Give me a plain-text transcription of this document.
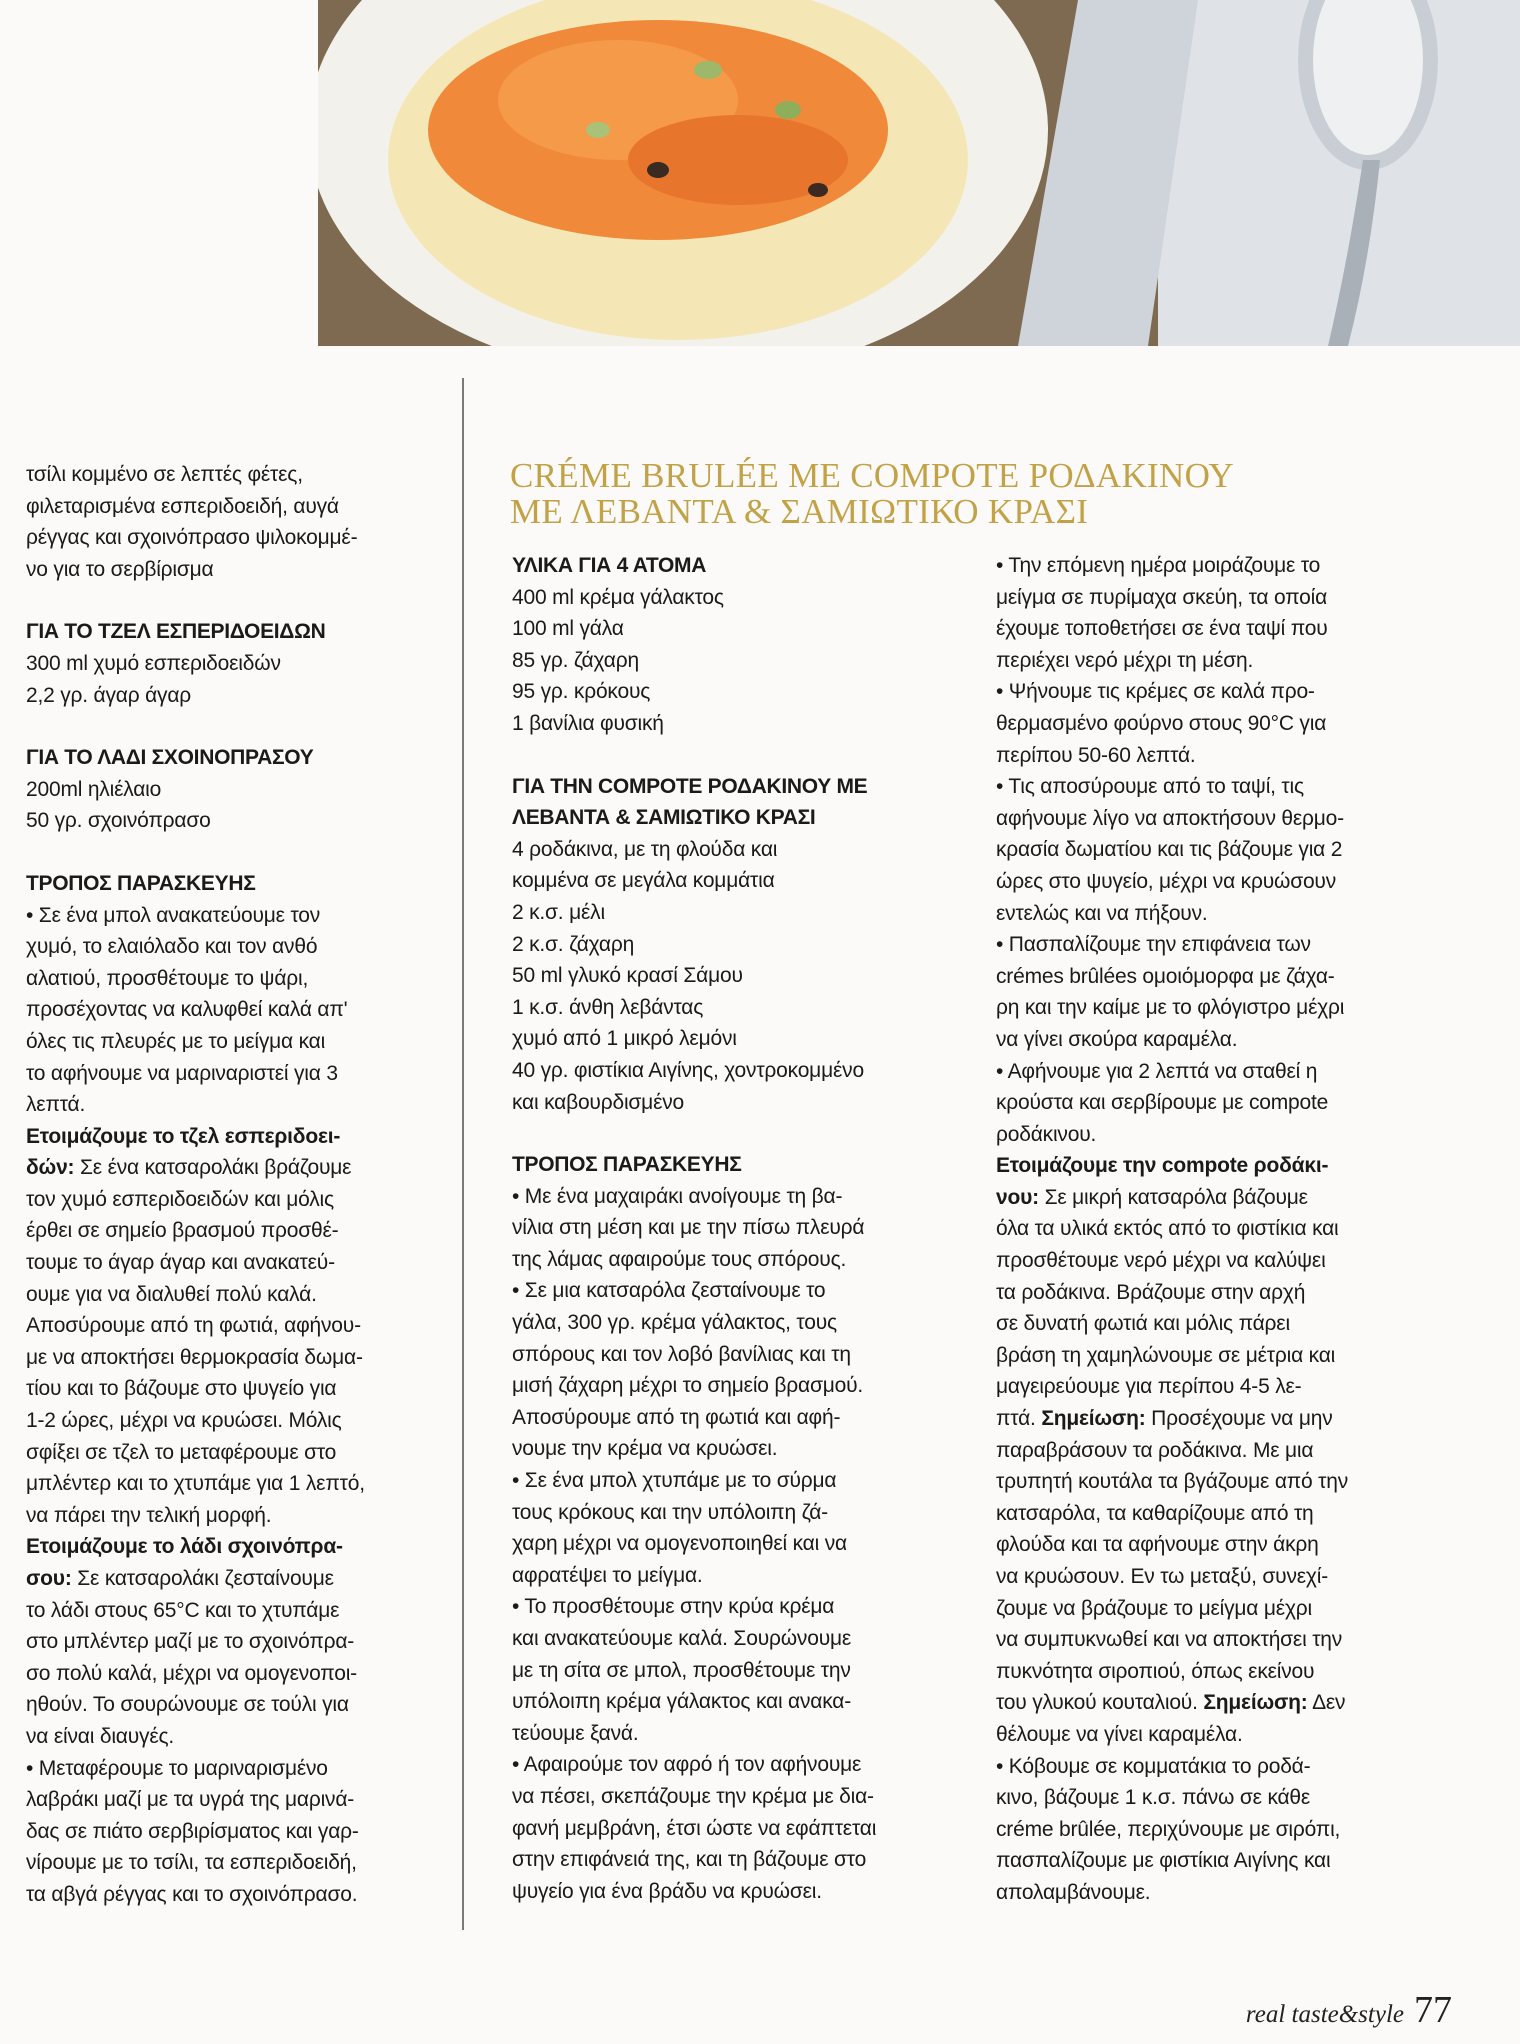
τσίλι κομμένο σε λεπτές φέτες,

φιλεταρισμένα εσπεριδοειδή, αυγά

ρέγγας και σχοινόπρασο ψιλοκομμέ-

νο για το σερβίρισμα

ΓΙΑ ΤΟ ΤΖΕΛ ΕΣΠΕΡΙΔΟΕΙΔΩΝ

300 ml χυμό εσπεριδοειδών

2,2 γρ. άγαρ άγαρ

ΓΙΑ ΤΟ ΛΑΔΙ ΣΧΟΙΝΟΠΡΑΣΟΥ

200ml ηλιέλαιο

50 γρ. σχοινόπρασο

ΤΡΟΠΟΣ ΠΑΡΑΣΚΕΥΗΣ

• Σε ένα μπολ ανακατεύουμε τον

χυμό, το ελαιόλαδο και τον ανθό

αλατιού, προσθέτουμε το ψάρι,

προσέχοντας να καλυφθεί καλά απ'

όλες τις πλευρές με το μείγμα και

το αφήνουμε να μαριναριστεί για 3

λεπτά.

Ετοιμάζουμε το τζελ εσπεριδοει-

δών: Σε ένα κατσαρολάκι βράζουμε

τον χυμό εσπεριδοειδών και μόλις

έρθει σε σημείο βρασμού προσθέ-

τουμε το άγαρ άγαρ και ανακατεύ-

ουμε για να διαλυθεί πολύ καλά.

Αποσύρουμε από τη φωτιά, αφήνου-

με να αποκτήσει θερμοκρασία δωμα-

τίου και το βάζουμε στο ψυγείο για

1-2 ώρες, μέχρι να κρυώσει. Μόλις

σφίξει σε τζελ το μεταφέρουμε στο

μπλέντερ και το χτυπάμε για 1 λεπτό,

να πάρει την τελική μορφή.

Ετοιμάζουμε το λάδι σχοινόπρα-

σου: Σε κατσαρολάκι ζεσταίνουμε

το λάδι στους 65°C και το χτυπάμε

στο μπλέντερ μαζί με το σχοινόπρα-

σο πολύ καλά, μέχρι να ομογενοποι-

ηθούν. Το σουρώνουμε σε τούλι για

να είναι διαυγές.

• Μεταφέρουμε το μαριναρισμένο

λαβράκι μαζί με τα υγρά της μαρινά-

δας σε πιάτο σερβιρίσματος και γαρ-

νίρουμε με το τσίλι, τα εσπεριδοειδή,

τα αβγά ρέγγας και το σχοινόπρασο.

CRÉME BRULÉE ΜΕ COMPOTE ΡΟΔΑΚΙΝΟΥ
ΜΕ ΛΕΒΑΝΤΑ & ΣΑΜΙΩΤΙΚΟ ΚΡΑΣΙ
ΥΛΙΚΑ ΓΙΑ 4 ΑΤΟΜΑ

400 ml κρέμα γάλακτος

100 ml γάλα

85 γρ. ζάχαρη

95 γρ. κρόκους

1 βανίλια φυσική

ΓΙΑ ΤΗΝ COMPOTE ΡΟΔΑΚΙΝΟΥ ΜΕ
ΛΕΒΑΝΤΑ & ΣΑΜΙΩΤΙΚΟ ΚΡΑΣΙ

4 ροδάκινα, με τη φλούδα και

κομμένα σε μεγάλα κομμάτια

2 κ.σ. μέλι

2 κ.σ. ζάχαρη

50 ml γλυκό κρασί Σάμου

1 κ.σ. άνθη λεβάντας

χυμό από 1 μικρό λεμόνι

40 γρ. φιστίκια Αιγίνης, χοντροκομμένο

και καβουρδισμένο

ΤΡΟΠΟΣ ΠΑΡΑΣΚΕΥΗΣ

• Με ένα μαχαιράκι ανοίγουμε τη βα-

νίλια στη μέση και με την πίσω πλευρά

της λάμας αφαιρούμε τους σπόρους.

• Σε μια κατσαρόλα ζεσταίνουμε το

γάλα, 300 γρ. κρέμα γάλακτος, τους

σπόρους και τον λοβό βανίλιας και τη

μισή ζάχαρη μέχρι το σημείο βρασμού.

Αποσύρουμε από τη φωτιά και αφή-

νουμε την κρέμα να κρυώσει.

• Σε ένα μπολ χτυπάμε με το σύρμα

τους κρόκους και την υπόλοιπη ζά-

χαρη μέχρι να ομογενοποιηθεί και να

αφρατέψει το μείγμα.

• Το προσθέτουμε στην κρύα κρέμα

και ανακατεύουμε καλά. Σουρώνουμε

με τη σίτα σε μπολ, προσθέτουμε την

υπόλοιπη κρέμα γάλακτος και ανακα-

τεύουμε ξανά.

• Αφαιρούμε τον αφρό ή τον αφήνουμε

να πέσει, σκεπάζουμε την κρέμα με δια-

φανή μεμβράνη, έτσι ώστε να εφάπτεται

στην επιφάνειά της, και τη βάζουμε στο

ψυγείο για ένα βράδυ να κρυώσει.

• Την επόμενη ημέρα μοιράζουμε το

μείγμα σε πυρίμαχα σκεύη, τα οποία

έχουμε τοποθετήσει σε ένα ταψί που

περιέχει νερό μέχρι τη μέση.

• Ψήνουμε τις κρέμες σε καλά προ-

θερμασμένο φούρνο στους 90°C για

περίπου 50-60 λεπτά.

• Τις αποσύρουμε από το ταψί, τις

αφήνουμε λίγο να αποκτήσουν θερμο-

κρασία δωματίου και τις βάζουμε για 2

ώρες στο ψυγείο, μέχρι να κρυώσουν

εντελώς και να πήξουν.

• Πασπαλίζουμε την επιφάνεια των

crémes brûlées ομοιόμορφα με ζάχα-

ρη και την καίμε με το φλόγιστρο μέχρι

να γίνει σκούρα καραμέλα.

• Αφήνουμε για 2 λεπτά να σταθεί η

κρούστα και σερβίρουμε με compote

ροδάκινου.

Ετοιμάζουμε την compote ροδάκι-

νου: Σε μικρή κατσαρόλα βάζουμε

όλα τα υλικά εκτός από το φιστίκια και

προσθέτουμε νερό μέχρι να καλύψει

τα ροδάκινα. Βράζουμε στην αρχή

σε δυνατή φωτιά και μόλις πάρει

βράση τη χαμηλώνουμε σε μέτρια και

μαγειρεύουμε για περίπου 4-5 λε-

πτά. Σημείωση: Προσέχουμε να μην

παραβράσουν τα ροδάκινα. Με μια

τρυπητή κουτάλα τα βγάζουμε από την

κατσαρόλα, τα καθαρίζουμε από τη

φλούδα και τα αφήνουμε στην άκρη

να κρυώσουν. Εν τω μεταξύ, συνεχί-

ζουμε να βράζουμε το μείγμα μέχρι

να συμπυκνωθεί και να αποκτήσει την

πυκνότητα σιροπιού, όπως εκείνου

του γλυκού κουταλιού. Σημείωση: Δεν

θέλουμε να γίνει καραμέλα.

• Κόβουμε σε κομματάκια το ροδά-

κινο, βάζουμε 1 κ.σ. πάνω σε κάθε

créme brûlée, περιχύνουμε με σιρόπι,

πασπαλίζουμε με φιστίκια Αιγίνης και

απολαμβάνουμε.

real taste&style 77
